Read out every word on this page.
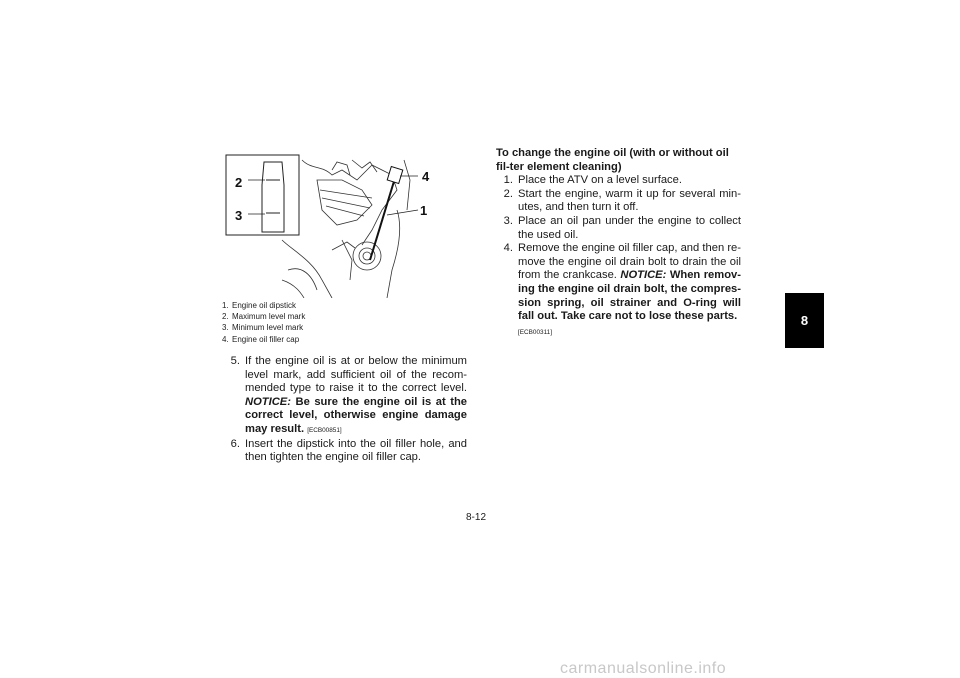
2
3
4
1
1. Engine oil dipstick
2. Maximum level mark
3. Minimum level mark
4. Engine oil filler cap
5. If the engine oil is at or below the minimum level mark, add sufficient oil of the recom-mended type to raise it to the correct level. NOTICE: Be sure the engine oil is at the correct level, otherwise engine damage may result. [ECB00851]
6. Insert the dipstick into the oil filler hole, and then tighten the engine oil filler cap.
To change the engine oil (with or without oil fil-ter element cleaning)
1. Place the ATV on a level surface.
2. Start the engine, warm it up for several min-utes, and then turn it off.
3. Place an oil pan under the engine to collect the used oil.
4. Remove the engine oil filler cap, and then re-move the engine oil drain bolt to drain the oil from the crankcase. NOTICE: When remov-ing the engine oil drain bolt, the compres-sion spring, oil strainer and O-ring will fall out. Take care not to lose these parts.
[ECB00311]
8-12
8
carmanualsonline.info
